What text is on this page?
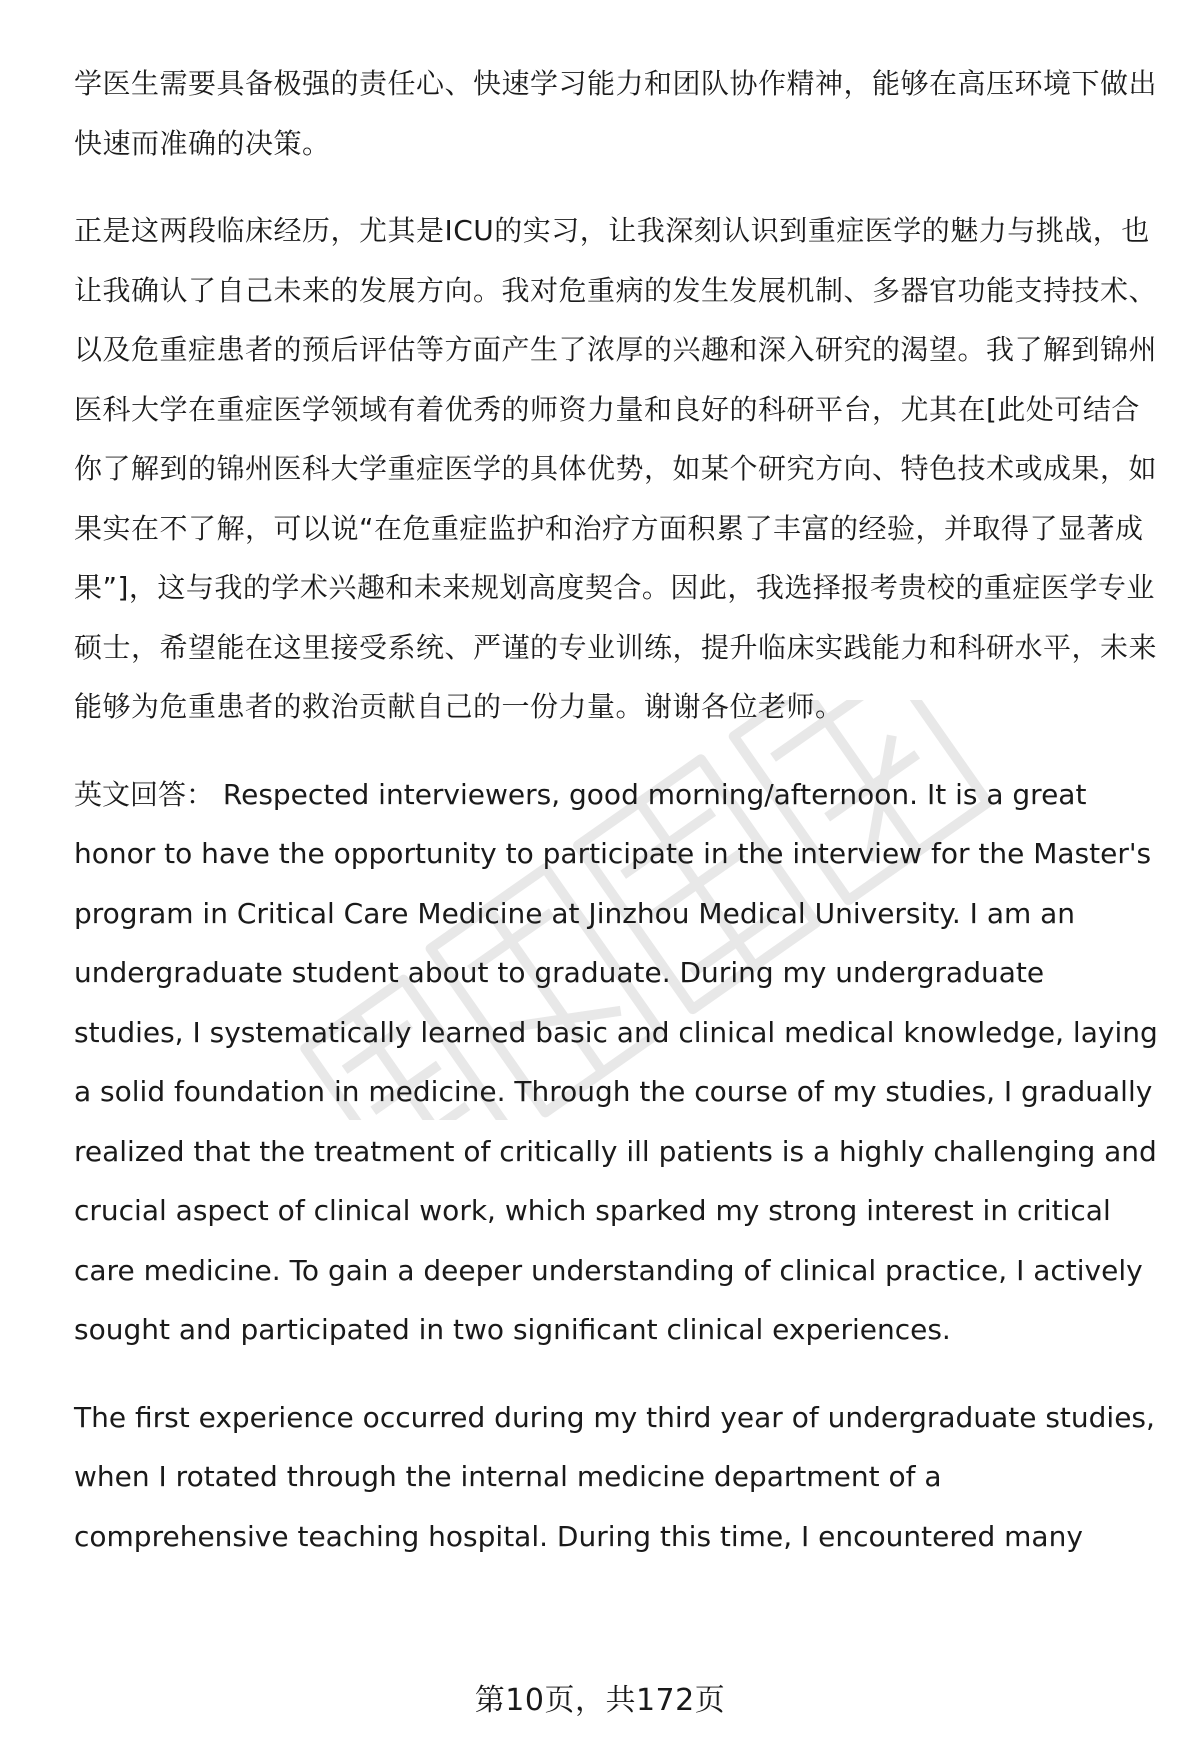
学医生需要具备极强的责任心、快速学习能力和团队协作精神，能够在高压环境下做出快速而准确的决策。

正是这两段临床经历，尤其是ICU的实习，让我深刻认识到重症医学的魅力与挑战，也让我确认了自己未来的发展方向。我对危重病的发生发展机制、多器官功能支持技术、以及危重症患者的预后评估等方面产生了浓厚的兴趣和深入研究的渴望。我了解到锦州医科大学在重症医学领域有着优秀的师资力量和良好的科研平台，尤其在[此处可结合你了解到的锦州医科大学重症医学的具体优势，如某个研究方向、特色技术或成果，如果实在不了解，可以说“在危重症监护和治疗方面积累了丰富的经验，并取得了显著成果”]，这与我的学术兴趣和未来规划高度契合。因此，我选择报考贵校的重症医学专业硕士，希望能在这里接受系统、严谨的专业训练，提升临床实践能力和科研水平，未来能够为危重患者的救治贡献自己的一份力量。谢谢各位老师。

英文回答： Respected interviewers, good morning/afternoon. It is a great honor to have the opportunity to participate in the interview for the Master's program in Critical Care Medicine at Jinzhou Medical University. I am an undergraduate student about to graduate. During my undergraduate studies, I systematically learned basic and clinical medical knowledge, laying a solid foundation in medicine. Through the course of my studies, I gradually realized that the treatment of critically ill patients is a highly challenging and crucial aspect of clinical work, which sparked my strong interest in critical care medicine. To gain a deeper understanding of clinical practice, I actively sought and participated in two significant clinical experiences.

The first experience occurred during my third year of undergraduate studies, when I rotated through the internal medicine department of a comprehensive teaching hospital. During this time, I encountered many

第10页，共172页
